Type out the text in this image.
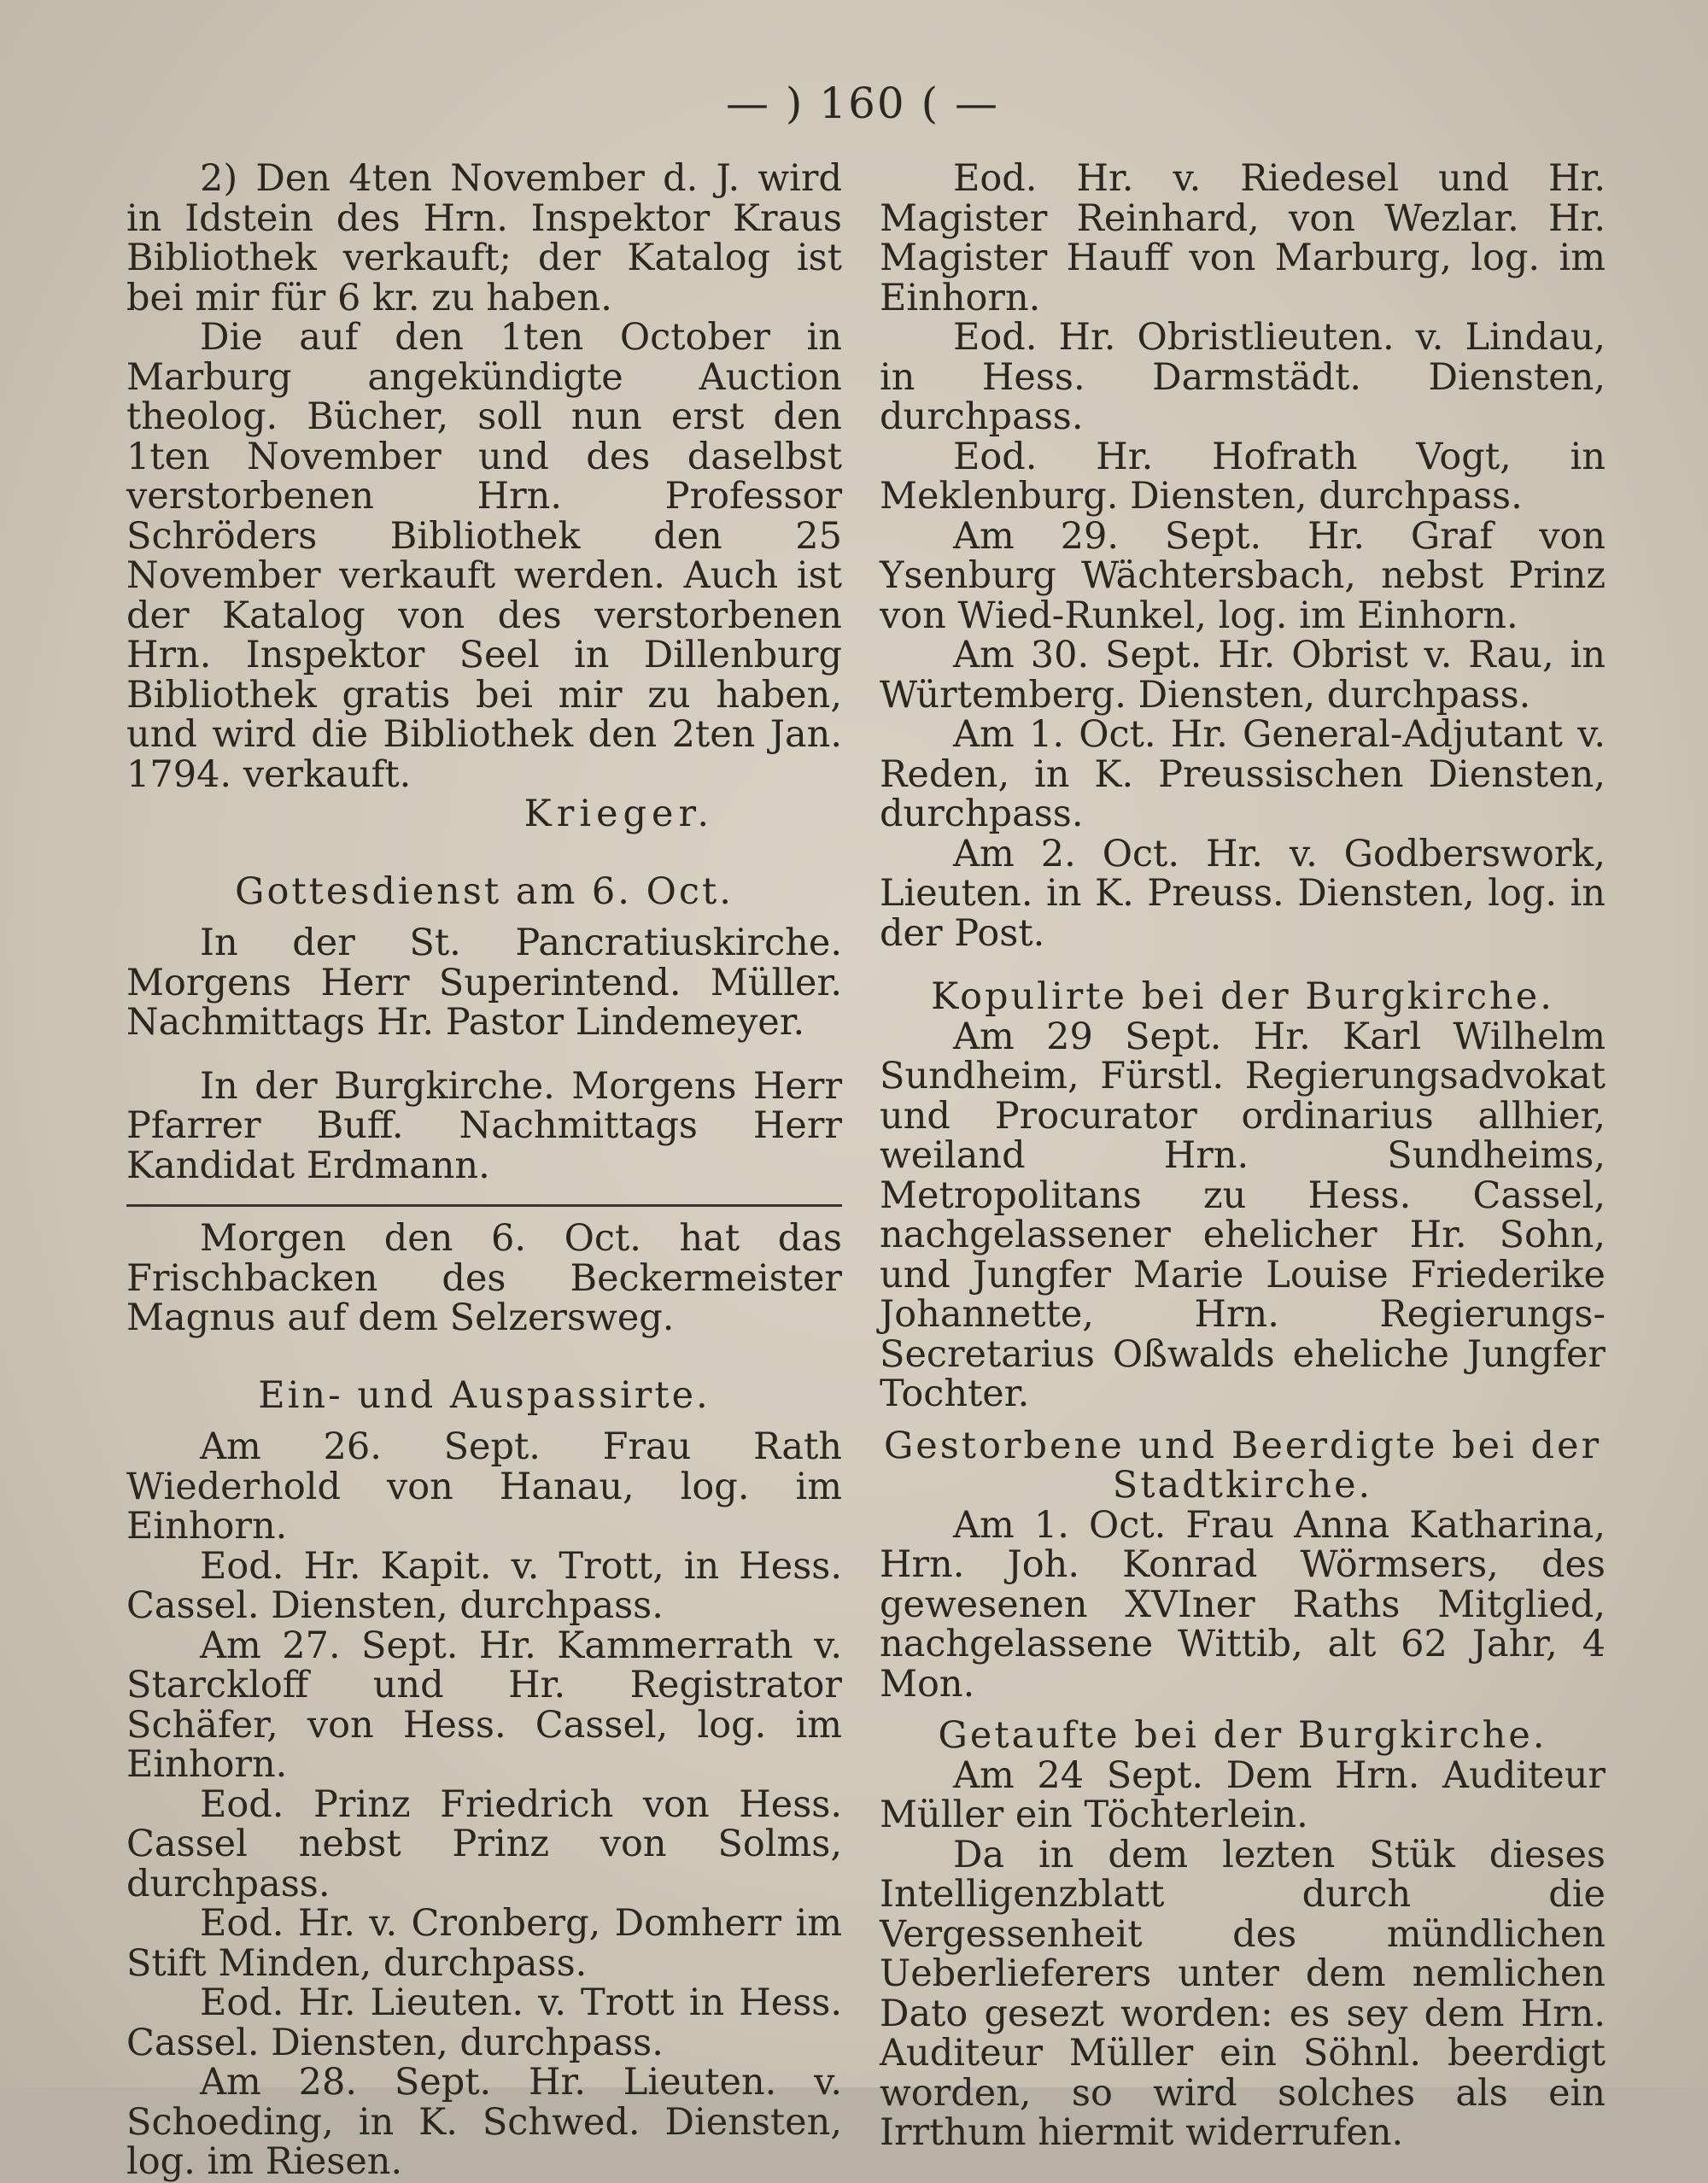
— ) 160 ( —

2) Den 4ten November d. J. wird in Idstein des Hrn. Inspektor Kraus Bibliothek verkauft; der Katalog ist bei mir für 6 kr. zu haben.

Die auf den 1ten October in Marburg angekündigte Auction theolog. Bücher, soll nun erst den 1ten November und des daselbst verstorbenen Hrn. Professor Schröders Bibliothek den 25 November verkauft werden. Auch ist der Katalog von des verstorbenen Hrn. Inspektor Seel in Dillenburg Bibliothek gratis bei mir zu haben, und wird die Bibliothek den 2ten Jan. 1794. verkauft.

Krieger.

Gottesdienst am 6. Oct.

In der St. Pancratiuskirche. Morgens Herr Superintend. Müller. Nachmittags Hr. Pastor Lindemeyer.

In der Burgkirche. Morgens Herr Pfarrer Buff. Nachmittags Herr Kandidat Erdmann.

Morgen den 6. Oct. hat das Frischbacken des Beckermeister Magnus auf dem Selzersweg.

Ein- und Auspassirte.

Am 26. Sept. Frau Rath Wiederhold von Hanau, log. im Einhorn.

Eod. Hr. Kapit. v. Trott, in Hess. Cassel. Diensten, durchpass.

Am 27. Sept. Hr. Kammerrath v. Starckloff und Hr. Registrator Schäfer, von Hess. Cassel, log. im Einhorn.

Eod. Prinz Friedrich von Hess. Cassel nebst Prinz von Solms, durchpass.

Eod. Hr. v. Cronberg, Domherr im Stift Minden, durchpass.

Eod. Hr. Lieuten. v. Trott in Hess. Cassel. Diensten, durchpass.

Am 28. Sept. Hr. Lieuten. v. Schoeding, in K. Schwed. Diensten, log. im Riesen.

Eod. Hr. v. Riedesel und Hr. Magister Reinhard, von Wezlar. Hr. Magister Hauff von Marburg, log. im Einhorn.

Eod. Hr. Obristlieuten. v. Lindau, in Hess. Darmstädt. Diensten, durchpass.

Eod. Hr. Hofrath Vogt, in Meklenburg. Diensten, durchpass.

Am 29. Sept. Hr. Graf von Ysenburg Wächtersbach, nebst Prinz von Wied-Runkel, log. im Einhorn.

Am 30. Sept. Hr. Obrist v. Rau, in Würtemberg. Diensten, durchpass.

Am 1. Oct. Hr. General-Adjutant v. Reden, in K. Preussischen Diensten, durchpass.

Am 2. Oct. Hr. v. Godberswork, Lieuten. in K. Preuss. Diensten, log. in der Post.

Kopulirte bei der Burgkirche.

Am 29 Sept. Hr. Karl Wilhelm Sundheim, Fürstl. Regierungsadvokat und Procurator ordinarius allhier, weiland Hrn. Sundheims, Metropolitans zu Hess. Cassel, nachgelassener ehelicher Hr. Sohn, und Jungfer Marie Louise Friederike Johannette, Hrn. Regierungs-Secretarius Oßwalds eheliche Jungfer Tochter.

Gestorbene und Beerdigte bei der Stadtkirche.

Am 1. Oct. Frau Anna Katharina, Hrn. Joh. Konrad Wörmsers, des gewesenen XVIner Raths Mitglied, nachgelassene Wittib, alt 62 Jahr, 4 Mon.

Getaufte bei der Burgkirche.

Am 24 Sept. Dem Hrn. Auditeur Müller ein Töchterlein.

Da in dem lezten Stük dieses Intelligenzblatt durch die Vergessenheit des mündlichen Ueberlieferers unter dem nemlichen Dato gesezt worden: es sey dem Hrn. Auditeur Müller ein Söhnl. beerdigt worden, so wird solches als ein Irrthum hiermit widerrufen.
